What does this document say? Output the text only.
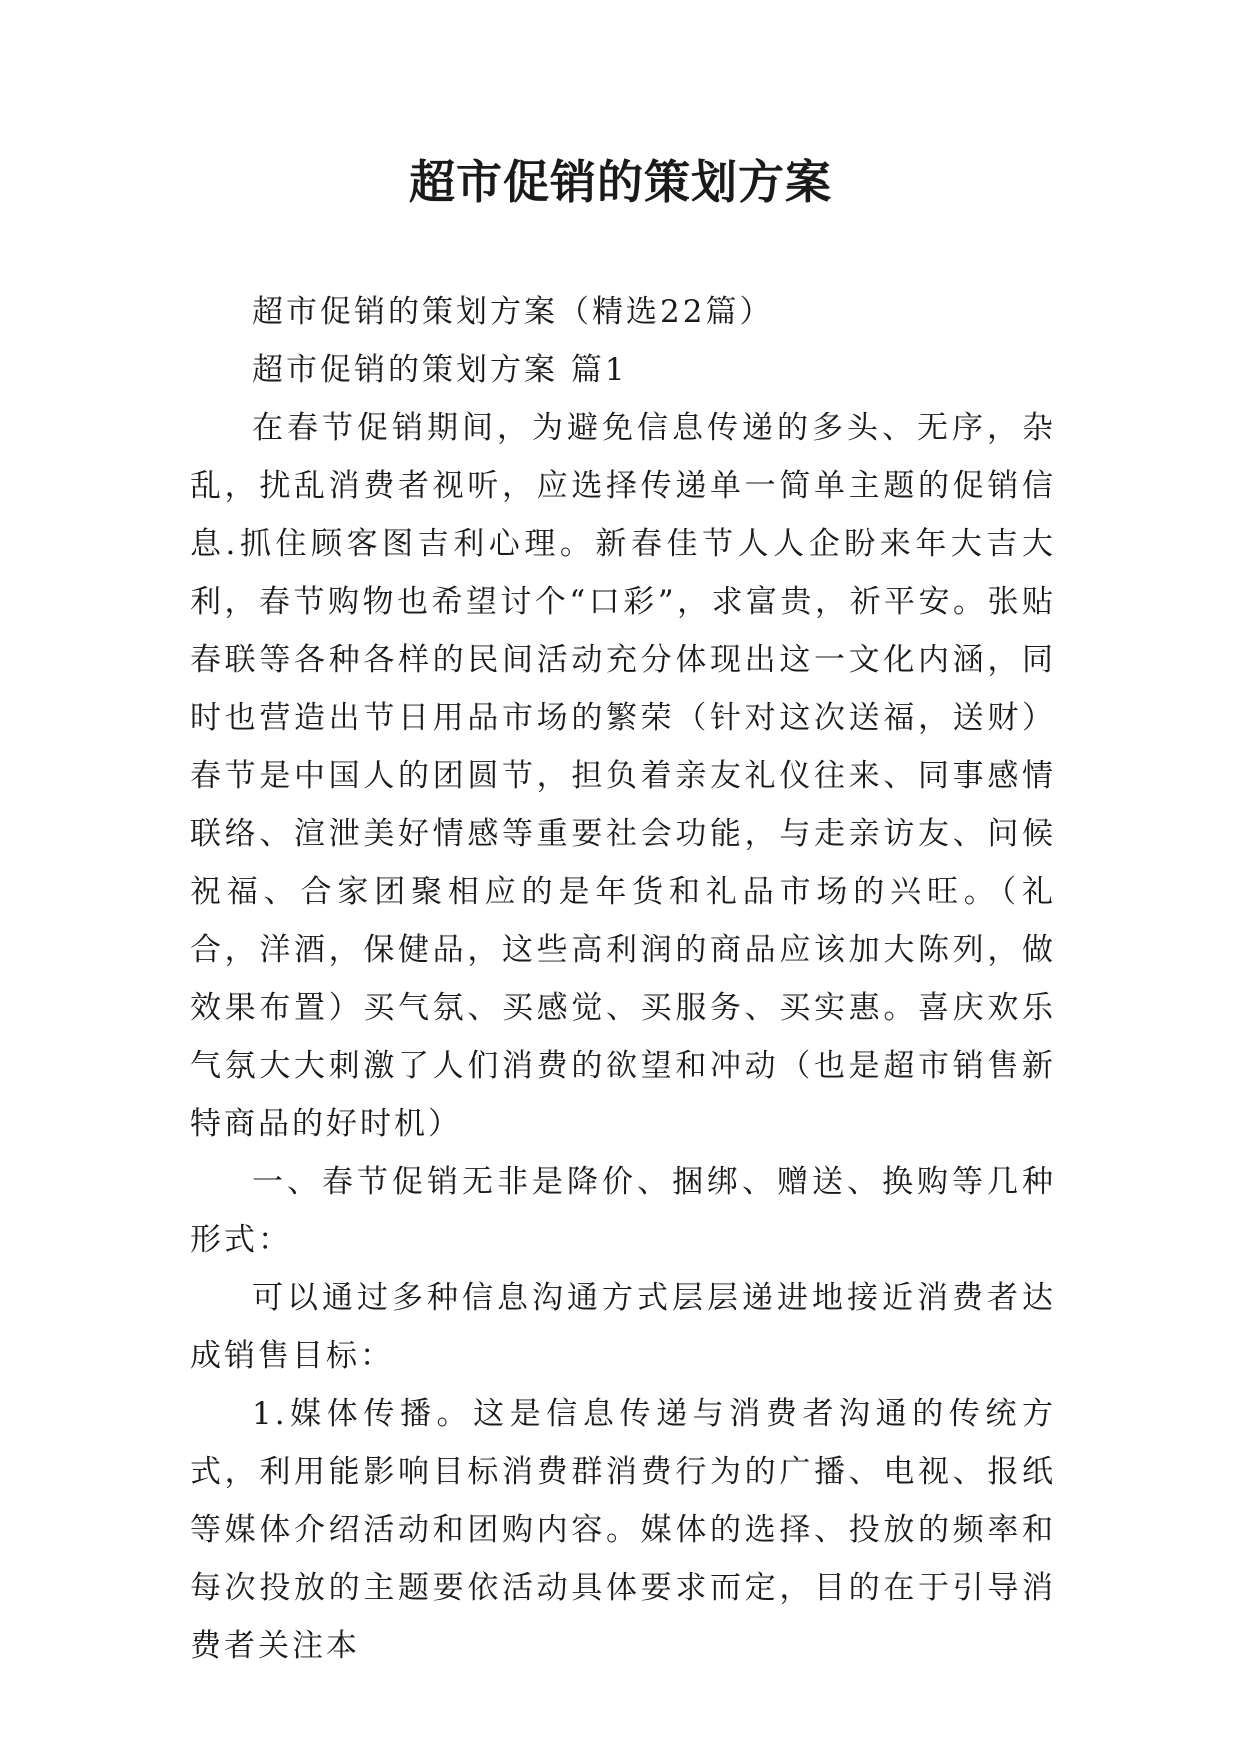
超市促销的策划方案

超市促销的策划方案（精选22篇）

超市促销的策划方案 篇1

在春节促销期间，为避免信息传递的多头、无序，杂乱，扰乱消费者视听，应选择传递单一简单主题的促销信息.抓住顾客图吉利心理。新春佳节人人企盼来年大吉大利，春节购物也希望讨个“口彩”，求富贵，祈平安。张贴春联等各种各样的民间活动充分体现出这一文化内涵，同时也营造出节日用品市场的繁荣（针对这次送福，送财）春节是中国人的团圆节，担负着亲友礼仪往来、同事感情联络、渲泄美好情感等重要社会功能，与走亲访友、问候祝福、合家团聚相应的是年货和礼品市场的兴旺。（礼合，洋酒，保健品，这些高利润的商品应该加大陈列，做效果布置）买气氛、买感觉、买服务、买实惠。喜庆欢乐气氛大大刺激了人们消费的欲望和冲动（也是超市销售新特商品的好时机）

一、春节促销无非是降价、捆绑、赠送、换购等几种形式：

可以通过多种信息沟通方式层层递进地接近消费者达成销售目标：

1.媒体传播。这是信息传递与消费者沟通的传统方式，利用能影响目标消费群消费行为的广播、电视、报纸等媒体介绍活动和团购内容。媒体的选择、投放的频率和每次投放的主题要依活动具体要求而定，目的在于引导消费者关注本
